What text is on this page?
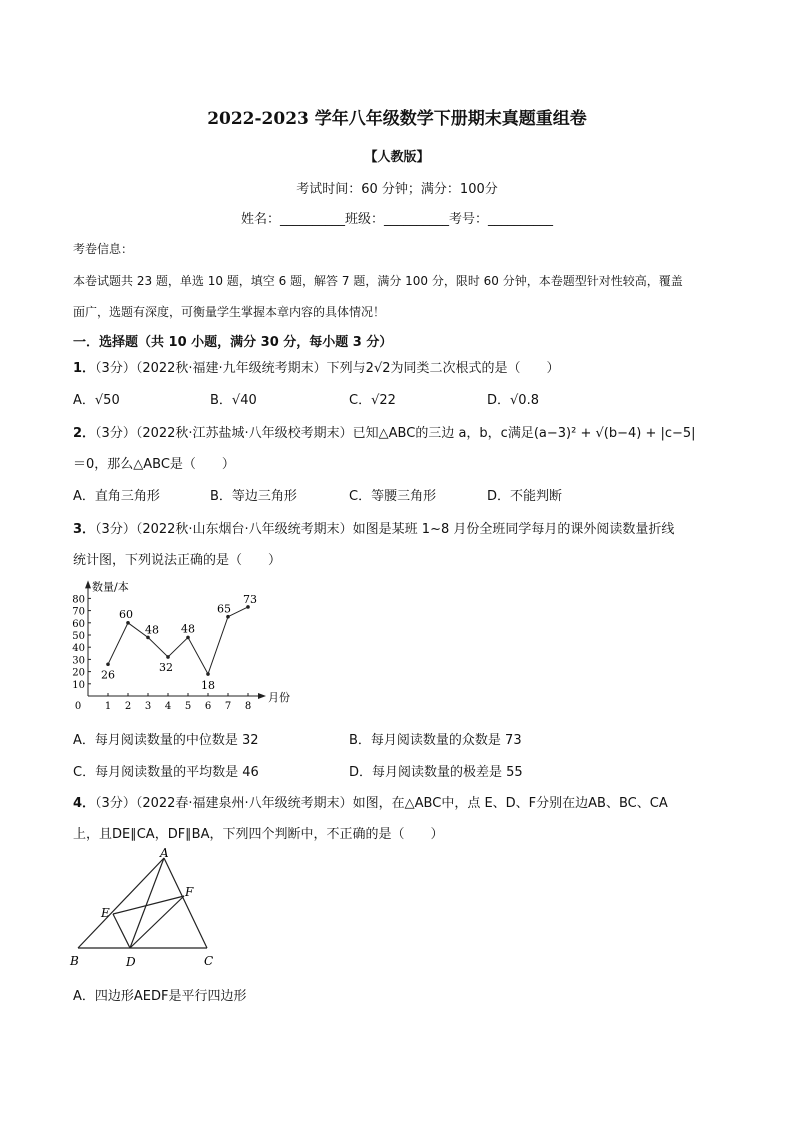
2022-2023 学年八年级数学下册期末真题重组卷
【人教版】
考试时间：60 分钟；满分：100分
姓名：__________班级：__________考号：__________
考卷信息：
本卷试题共 23 题，单选 10 题，填空 6 题，解答 7 题，满分 100 分，限时 60 分钟，本卷题型针对性较高，覆盖
面广，选题有深度，可衡量学生掌握本章内容的具体情况！
一．选择题（共 10 小题，满分 30 分，每小题 3 分）
1．（3分）（2022秋·福建·九年级统考期末）下列与2√2为同类二次根式的是（　　）
A．√50	B．√40	C．√22	D．√0.8
2．（3分）（2022秋·江苏盐城·八年级校考期末）已知△ABC的三边 a，b，c满足(a−3)² + √(b−4) + |c−5|
＝0，那么△ABC是（　　）
A．直角三角形	B．等边三角形	C．等腰三角形	D．不能判断
3．（3分）（2022秋·山东烟台·八年级统考期末）如图是某班 1~8 月份全班同学每月的课外阅读数量折线
统计图，下列说法正确的是（　　）
数量/本
月份
10
20
30
40
50
60
70
80
0 1 2 3 4 5 6 7 8
26
60
48
32
48
18
65
73
A．每月阅读数量的中位数是 32	B．每月阅读数量的众数是 73
C．每月阅读数量的平均数是 46	D．每月阅读数量的极差是 55
4．（3分）（2022春·福建泉州·八年级统考期末）如图，在△ABC中，点 E、D、F分别在边AB、BC、CA
上，且DE∥CA，DF∥BA，下列四个判断中，不正确的是（　　）
A
B	C
D
E
F
A．四边形AEDF是平行四边形
